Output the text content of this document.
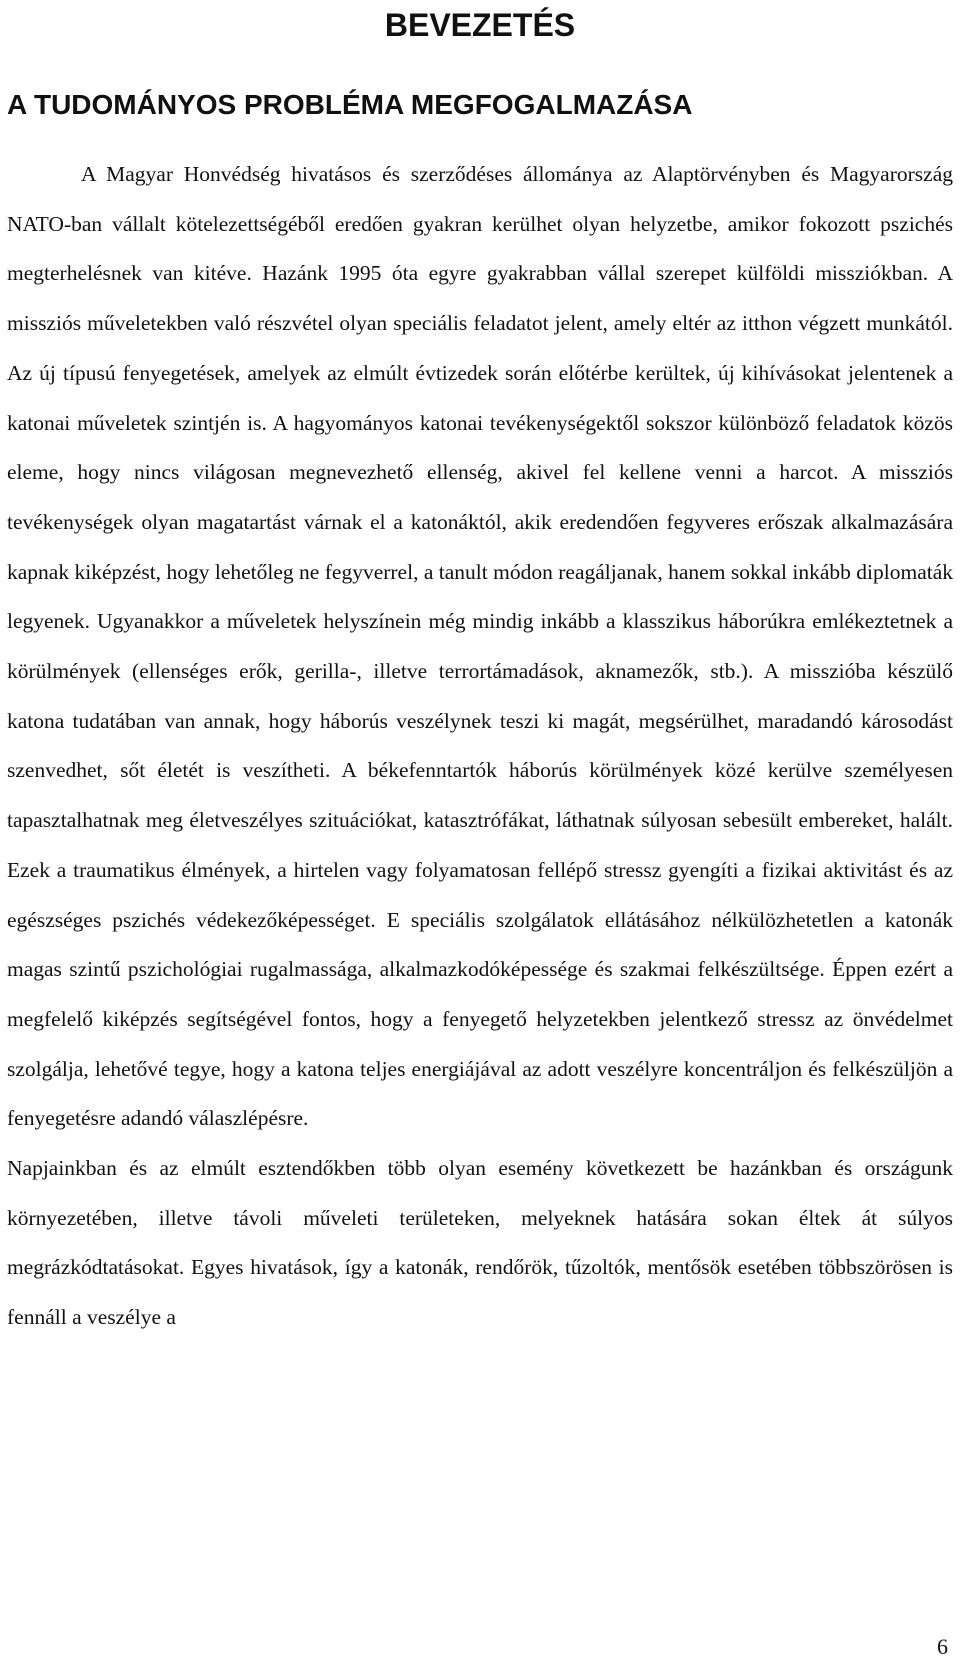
BEVEZETÉS
A TUDOMÁNYOS PROBLÉMA MEGFOGALMAZÁSA

A Magyar Honvédség hivatásos és szerződéses állománya az Alaptörvényben és Magyarország NATO-ban vállalt kötelezettségéből eredően gyakran kerülhet olyan helyzetbe, amikor fokozott pszichés megterhelésnek van kitéve. Hazánk 1995 óta egyre gyakrabban vállal szerepet külföldi missziókban. A missziós műveletekben való részvétel olyan speciális feladatot jelent, amely eltér az itthon végzett munkától. Az új típusú fenyegetések, amelyek az elmúlt évtizedek során előtérbe kerültek, új kihívásokat jelentenek a katonai műveletek szintjén is. A hagyományos katonai tevékenységektől sokszor különböző feladatok közös eleme, hogy nincs világosan megnevezhető ellenség, akivel fel kellene venni a harcot. A missziós tevékenységek olyan magatartást várnak el a katonáktól, akik eredendően fegyveres erőszak alkalmazására kapnak kiképzést, hogy lehetőleg ne fegyverrel, a tanult módon reagáljanak, hanem sokkal inkább diplomaták legyenek. Ugyanakkor a műveletek helyszínein még mindig inkább a klasszikus háborúkra emlékeztetnek a körülmények (ellenséges erők, gerilla-, illetve terrortámadások, aknamezők, stb.). A misszióba készülő katona tudatában van annak, hogy háborús veszélynek teszi ki magát, megsérülhet, maradandó károsodást szenvedhet, sőt életét is veszítheti. A békefenntartók háborús körülmények közé kerülve személyesen tapasztalhatnak meg életveszélyes szituációkat, katasztrófákat, láthatnak súlyosan sebesült embereket, halált. Ezek a traumatikus élmények, a hirtelen vagy folyamatosan fellépő stressz gyengíti a fizikai aktivitást és az egészséges pszichés védekezőképességet. E speciális szolgálatok ellátásához nélkülözhetetlen a katonák magas szintű pszichológiai rugalmassága, alkalmazkodóképessége és szakmai felkészültsége. Éppen ezért a megfelelő kiképzés segítségével fontos, hogy a fenyegető helyzetekben jelentkező stressz az önvédelmet szolgálja, lehetővé tegye, hogy a katona teljes energiájával az adott veszélyre koncentráljon és felkészüljön a fenyegetésre adandó válaszlépésre.

Napjainkban és az elmúlt esztendőkben több olyan esemény következett be hazánkban és országunk környezetében, illetve távoli műveleti területeken, melyeknek hatására sokan éltek át súlyos megrázkódtatásokat. Egyes hivatások, így a katonák, rendőrök, tűzoltók, mentősök esetében többszörösen is fennáll a veszélye a

6
